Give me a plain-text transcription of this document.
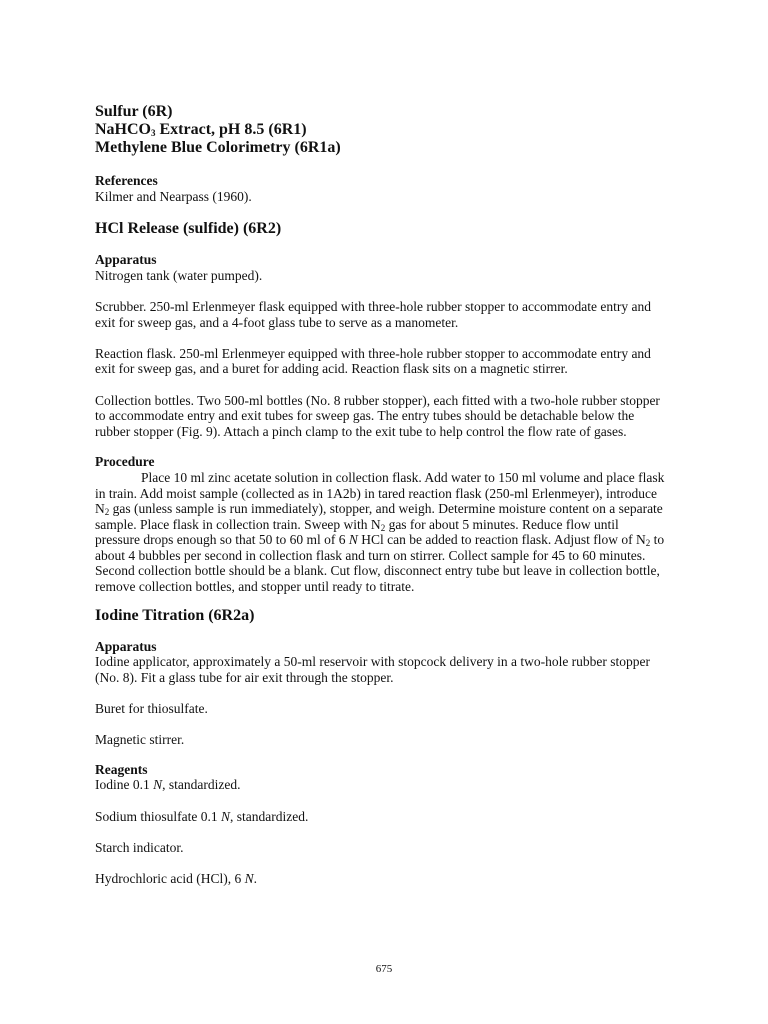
Sulfur (6R)
NaHCO$_3$ Extract, pH 8.5 (6R1)
Methylene Blue Colorimetry (6R1a)
References
Kilmer and Nearpass (1960).
HCl Release (sulfide) (6R2)
Apparatus
Nitrogen tank (water pumped).
Scrubber. 250-ml Erlenmeyer flask equipped with three-hole rubber stopper to accommodate entry and exit for sweep gas, and a 4-foot glass tube to serve as a manometer.
Reaction flask. 250-ml Erlenmeyer equipped with three-hole rubber stopper to accommodate entry and exit for sweep gas, and a buret for adding acid. Reaction flask sits on a magnetic stirrer.
Collection bottles. Two 500-ml bottles (No. 8 rubber stopper), each fitted with a two-hole rubber stopper to accommodate entry and exit tubes for sweep gas. The entry tubes should be detachable below the rubber stopper (Fig. 9). Attach a pinch clamp to the exit tube to help control the flow rate of gases.
Procedure
Place 10 ml zinc acetate solution in collection flask. Add water to 150 ml volume and place flask in train. Add moist sample (collected as in 1A2b) in tared reaction flask (250-ml Erlenmeyer), introduce $N_2$ gas (unless sample is run immediately), stopper, and weigh. Determine moisture content on a separate sample. Place flask in collection train. Sweep with $N_2$ gas for about 5 minutes. Reduce flow until pressure drops enough so that 50 to 60 ml of 6 N HCl can be added to reaction flask. Adjust flow of $N_2$ to about 4 bubbles per second in collection flask and turn on stirrer. Collect sample for 45 to 60 minutes. Second collection bottle should be a blank. Cut flow, disconnect entry tube but leave in collection bottle, remove collection bottles, and stopper until ready to titrate.
Iodine Titration (6R2a)
Apparatus
Iodine applicator, approximately a 50-ml reservoir with stopcock delivery in a two-hole rubber stopper (No. 8). Fit a glass tube for air exit through the stopper.
Buret for thiosulfate.
Magnetic stirrer.
Reagents
Iodine 0.1 N, standardized.
Sodium thiosulfate 0.1 N, standardized.
Starch indicator.
Hydrochloric acid (HCl), 6 N.
675
